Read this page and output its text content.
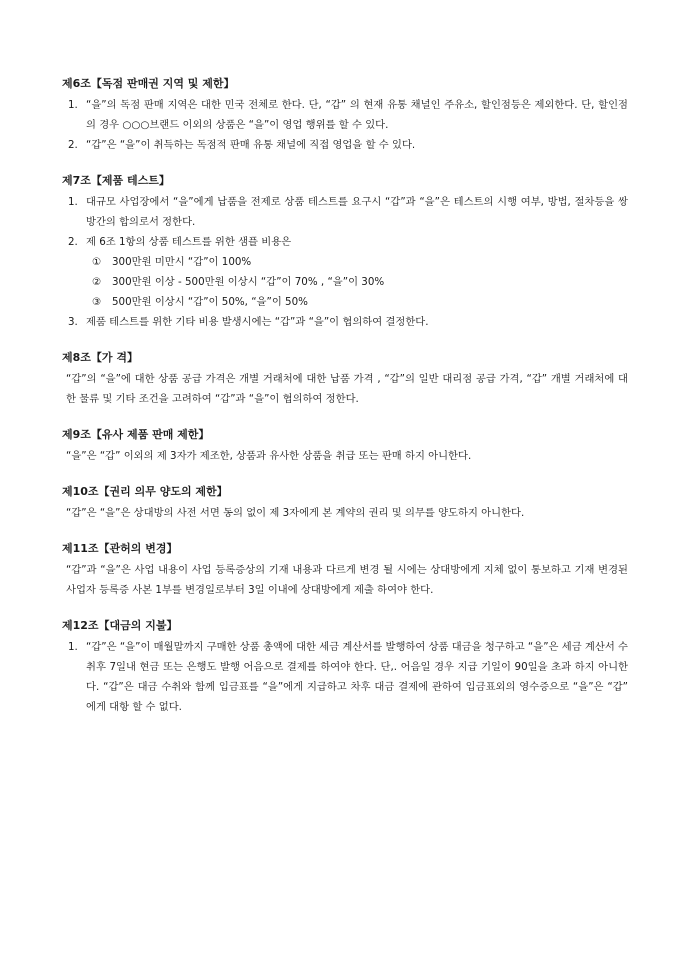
제6조【독점 판매권 지역 및 제한】
1. “을”의 독점 판매 지역은 대한 민국 전체로 한다. 단, “갑” 의 현재 유통 채널인 주유소, 할인점등은 제외한다. 단, 할인점의 경우 ○○○브랜드 이외의 상품은 “을”이 영업 행위를 할 수 있다.
2. “갑”은 “을”이 취득하는 독점적 판매 유통 채널에 직접 영업을 할 수 있다.
제7조【제품 테스트】
1. 대규모 사업장에서 “을”에게 납품을 전제로 상품 테스트를 요구시 “갑”과 “을”은 테스트의 시행 여부, 방법, 절차등을 쌍방간의 합의로서 정한다.
2. 제 6조 1항의 상품 테스트를 위한 샘플 비용은
① 300만원 미만시 “갑”이 100%
② 300만원 이상 - 500만원 이상시 “갑”이 70% , “을”이 30%
③ 500만원 이상시 “갑”이 50%, “을”이 50%
3. 제품 테스트를 위한 기타 비용 발생시에는 “갑”과 “을”이 협의하여 결정한다.
제8조【가 격】

“갑”의 “을”에 대한 상품 공급 가격은 개별 거래처에 대한 납품 가격 , “갑”의 일반 대리점 공급 가격, “갑” 개별 거래처에 대한 물류 및 기타 조건을 고려하여 “갑”과 “을”이 협의하여 정한다.

제9조【유사 제품 판매 제한】

“을”은 “갑” 이외의 제 3자가 제조한, 상품과 유사한 상품을 취급 또는 판매 하지 아니한다.

제10조【권리 의무 양도의 제한】

“갑”은 “을”은 상대방의 사전 서면 동의 없이 제 3자에게 본 계약의 권리 및 의무를 양도하지 아니한다.

제11조【관허의 변경】

“갑”과 “을”은 사업 내용이 사업 등록증상의 기재 내용과 다르게 변경 될 시에는 상대방에게 지체 없이 통보하고 기재 변경된 사업자 등록증 사본 1부를 변경일로부터 3일 이내에 상대방에게 제출 하여야 한다.

제12조【대금의 지불】
1. “갑”은 “을”이 매월말까지 구매한 상품 총액에 대한 세금 계산서를 발행하여 상품 대금을 청구하고 “을”은 세금 계산서 수취후 7일내 현금 또는 은행도 발행 어음으로 결제를 하여야 한다. 단,. 어음일 경우 지급 기일이 90일을 초과 하지 아니한다. “갑”은 대금 수취와 함께 입금표를 “을”에게 지급하고 차후 대금 결제에 관하여 입금표외의 영수증으로 “을”은 “갑” 에게 대항 할 수 없다.
